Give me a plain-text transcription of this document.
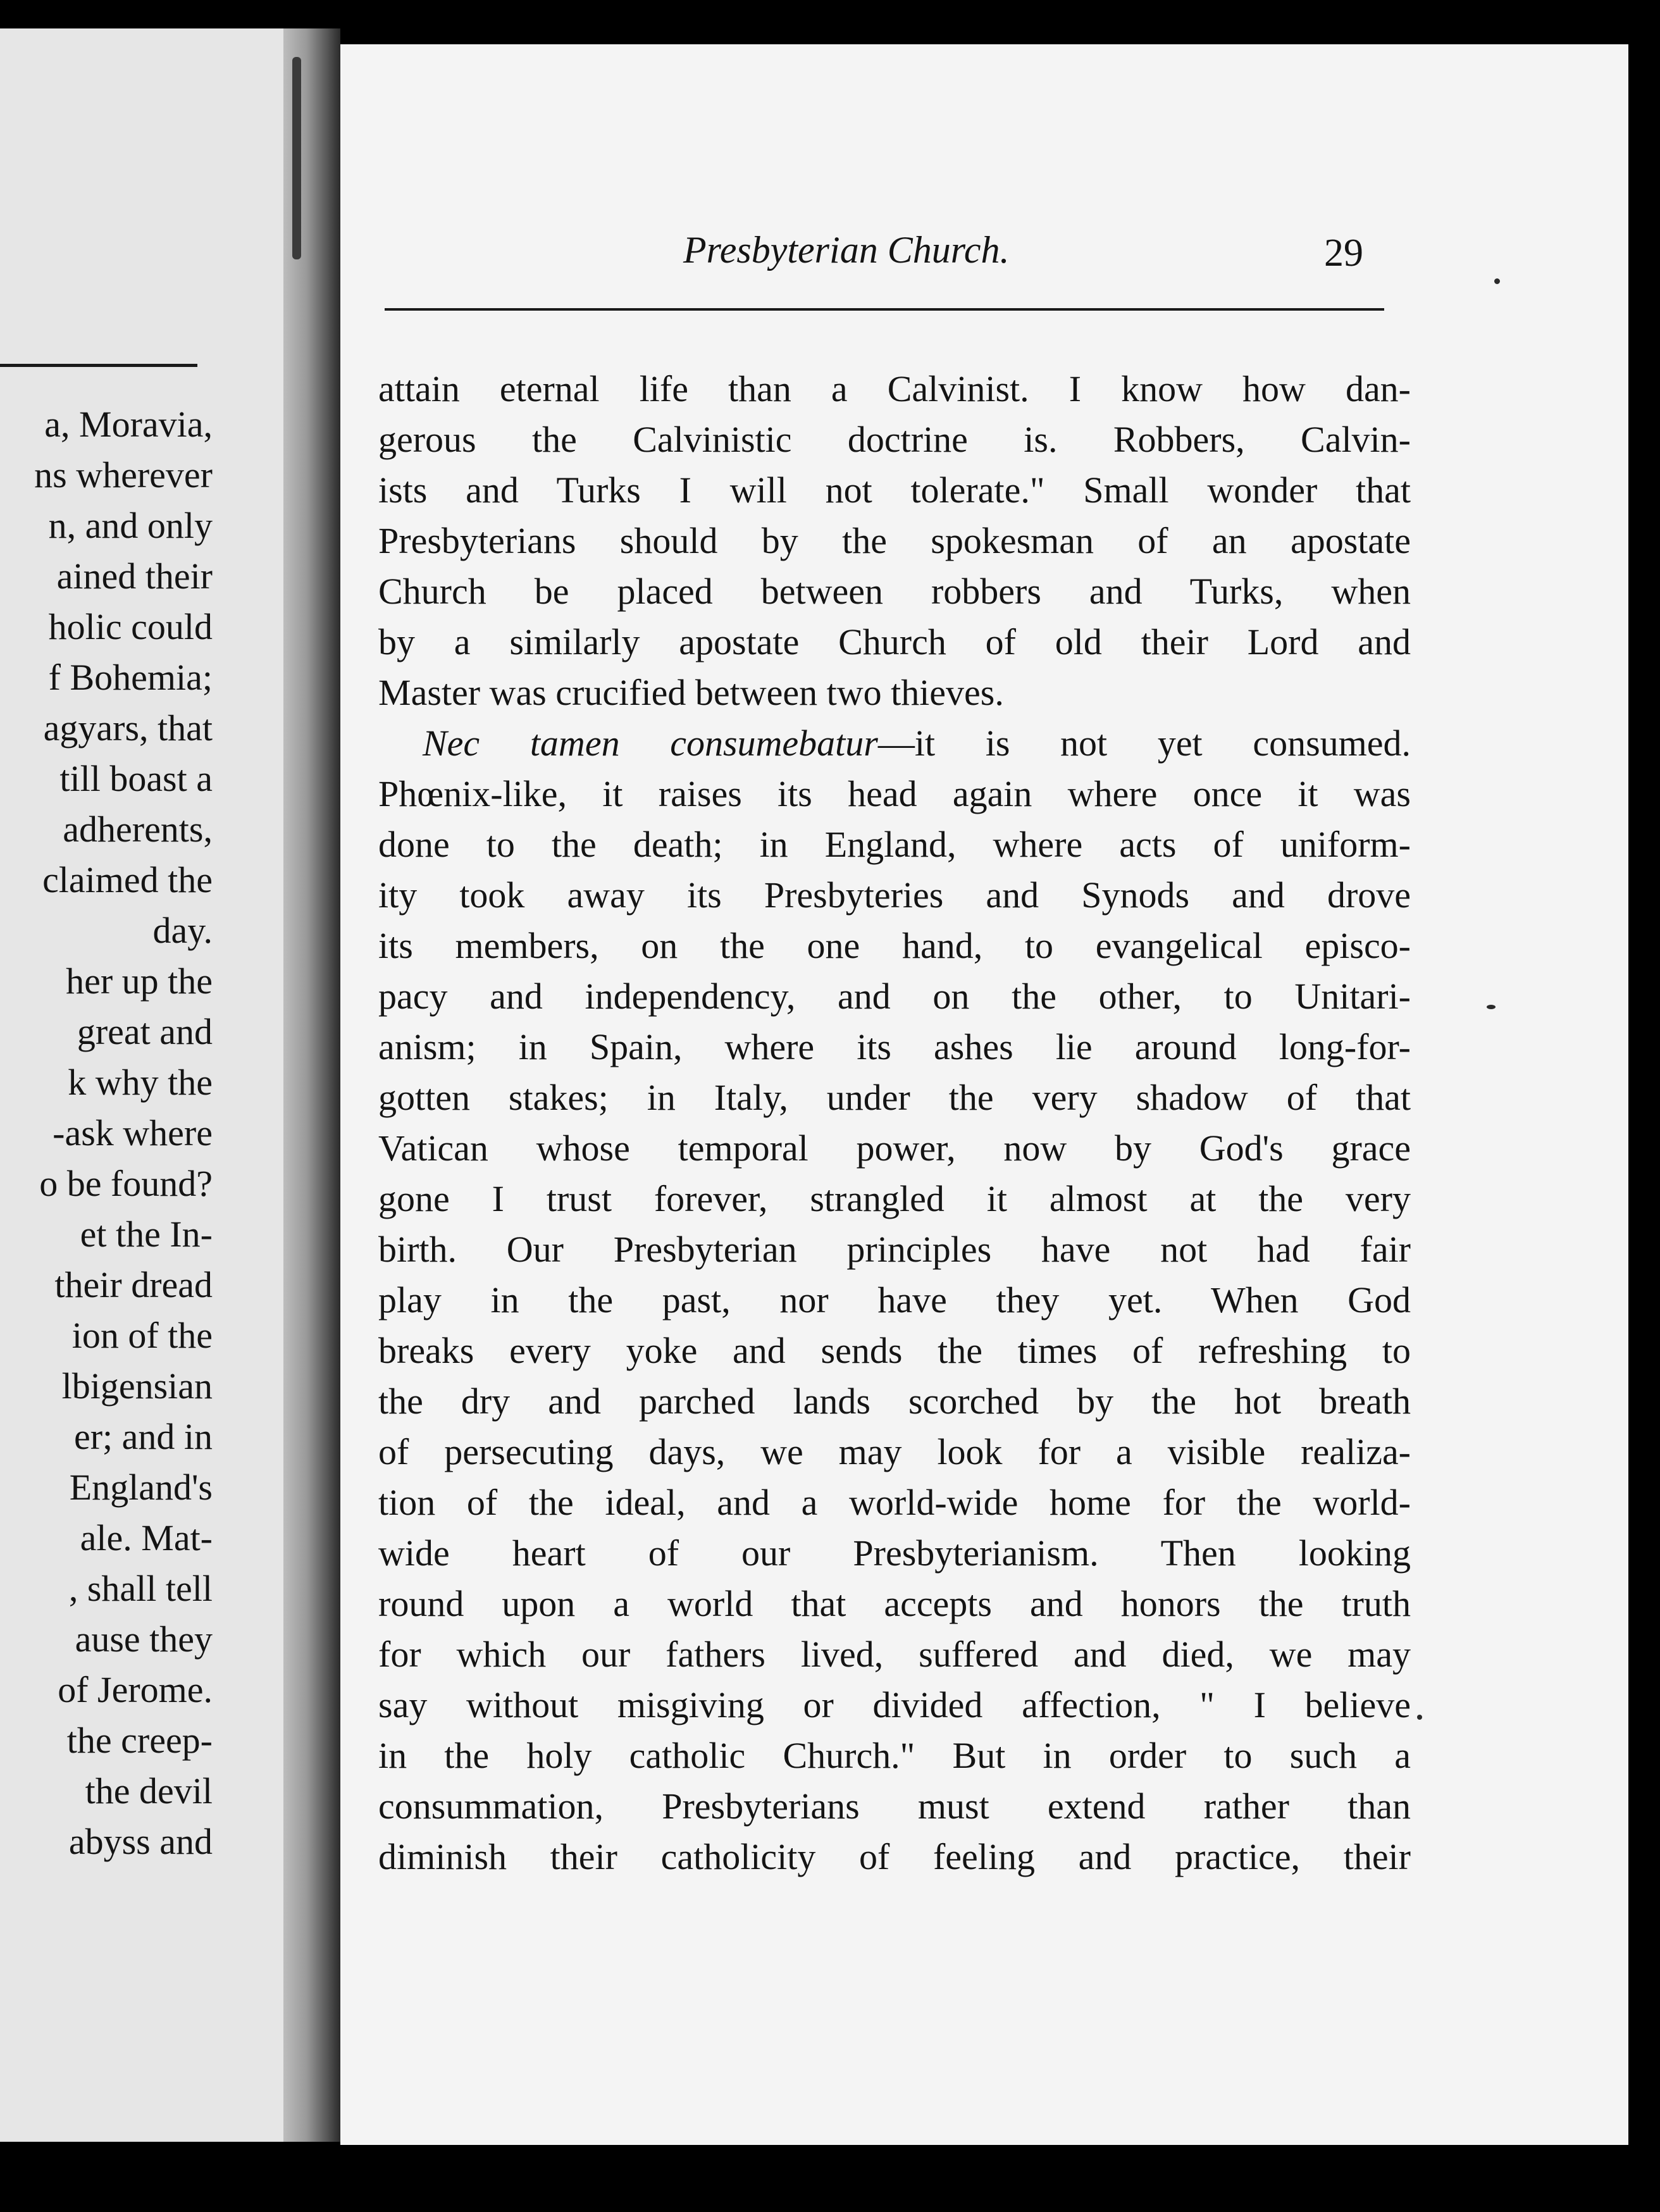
a, Moravia,
ns wherever
n, and only
ained their
holic could
f Bohemia;
agyars, that
till boast a
adherents,
claimed the
day.
her up the
great and
k why the
-ask where
o be found?
et the In-
their dread
ion of the
lbigensian
er; and in
England's
ale. Mat-
, shall tell
ause they
of Jerome.
the creep-
the devil
abyss and
Presbyterian Church.	29
attain eternal life than a Calvinist. I know how dan-
gerous the Calvinistic doctrine is. Robbers, Calvin-
ists and Turks I will not tolerate." Small wonder that
Presbyterians should by the spokesman of an apostate
Church be placed between robbers and Turks, when
by a similarly apostate Church of old their Lord and
Master was crucified between two thieves.
Nec tamen consumebatur—it is not yet consumed.
Phœnix-like, it raises its head again where once it was
done to the death; in England, where acts of uniform-
ity took away its Presbyteries and Synods and drove
its members, on the one hand, to evangelical episco-
pacy and independency, and on the other, to Unitari-
anism; in Spain, where its ashes lie around long-for-
gotten stakes; in Italy, under the very shadow of that
Vatican whose temporal power, now by God's grace
gone I trust forever, strangled it almost at the very
birth. Our Presbyterian principles have not had fair
play in the past, nor have they yet. When God
breaks every yoke and sends the times of refreshing to
the dry and parched lands scorched by the hot breath
of persecuting days, we may look for a visible realiza-
tion of the ideal, and a world-wide home for the world-
wide heart of our Presbyterianism. Then looking
round upon a world that accepts and honors the truth
for which our fathers lived, suffered and died, we may
say without misgiving or divided affection, " I believe
in the holy catholic Church." But in order to such a
consummation, Presbyterians must extend rather than
diminish their catholicity of feeling and practice, their
